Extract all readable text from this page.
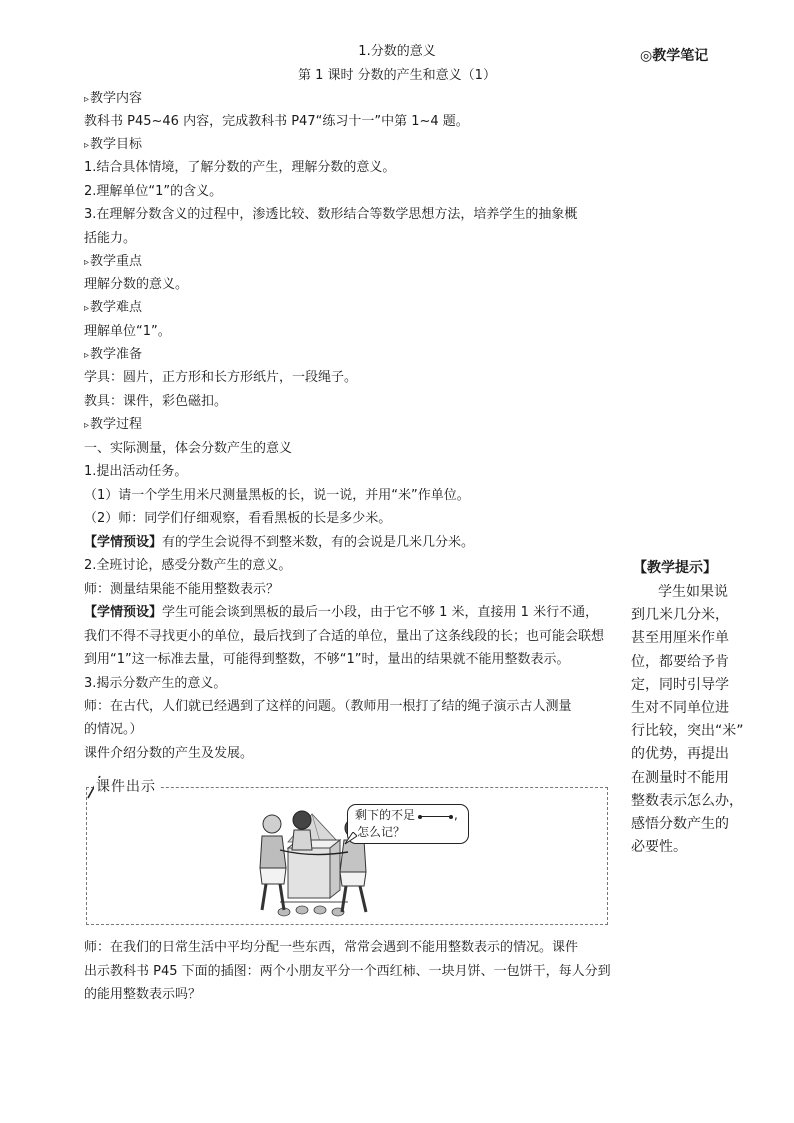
1.分数的意义	◎教学笔记
第 1 课时 分数的产生和意义（1）
▹教学内容
教科书 P45~46 内容，完成教科书 P47“练习十一”中第 1~4 题。
▹教学目标
1.结合具体情境，了解分数的产生，理解分数的意义。
2.理解单位“1”的含义。
3.在理解分数含义的过程中，渗透比较、数形结合等数学思想方法，培养学生的抽象概
括能力。
▹教学重点
理解分数的意义。
▹教学难点
理解单位“1”。
▹教学准备
学具：圆片，正方形和长方形纸片，一段绳子。
教具：课件，彩色磁扣。
▹教学过程
一、实际测量，体会分数产生的意义
1.提出活动任务。
（1）请一个学生用米尺测量黑板的长，说一说，并用“米”作单位。
（2）师：同学们仔细观察，看看黑板的长是多少米。
【学情预设】有的学生会说得不到整米数，有的会说是几米几分米。
2.全班讨论，感受分数产生的意义。
师：测量结果能不能用整数表示？
【学情预设】学生可能会谈到黑板的最后一小段，由于它不够 1 米，直接用 1 米行不通，
我们不得不寻找更小的单位，最后找到了合适的单位，量出了这条线段的长；也可能会联想
到用“1”这一标准去量，可能得到整数，不够“1”时，量出的结果就不能用整数表示。
3.揭示分数产生的意义。
师：在古代，人们就已经遇到了这样的问题。（教师用一根打了结的绳子演示古人测量
的情况。）
课件介绍分数的产生及发展。
课件出示
剩下的不足	,
怎么记？
师：在我们的日常生活中平均分配一些东西，常常会遇到不能用整数表示的情况。课件
出示教科书 P45 下面的插图：两个小朋友平分一个西红柿、一块月饼、一包饼干，每人分到
的能用整数表示吗？
【教学提示】
学生如果说
到几米几分米，
甚至用厘米作单
位，都要给予肯
定，同时引导学
生对不同单位进
行比较，突出“米”
的优势，再提出
在测量时不能用
整数表示怎么办，
感悟分数产生的
必要性。
